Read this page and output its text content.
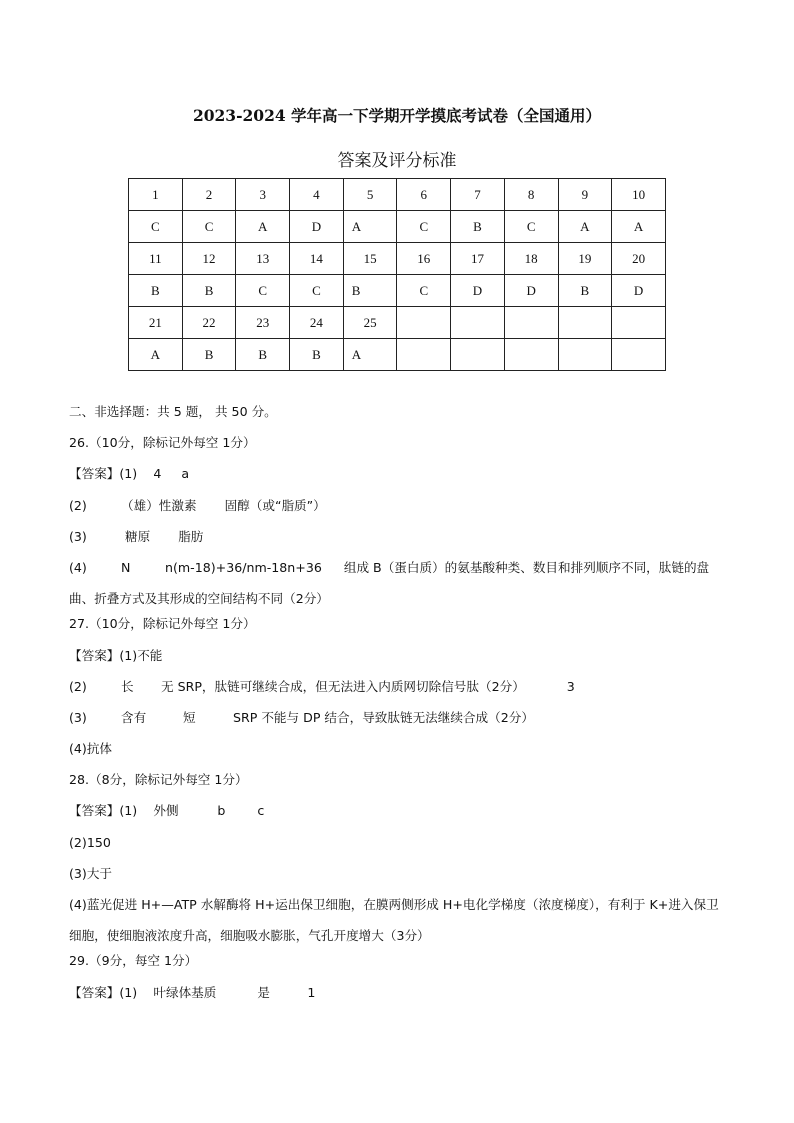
2023-2024 学年高一下学期开学摸底考试卷（全国通用）
答案及评分标准
1	2	3	4	5	6	7	8	9	10
C	C	A	D	A	C	B	C	A	A
11	12	13	14	15	16	17	18	19	20
B	B	C	C	B	C	D	D	B	D
21	22	23	24	25					
A	B	B	B	A					
二、非选择题：共 5 题， 共 50 分。
26.（10分，除标记外每空 1分）
【答案】(1) 4 a
(2)	（雄）性激素 固醇（或“脂质”）
(3)	糖原 脂肪
(4)	N	n(m-18)+36/nm-18n+36 组成 B（蛋白质）的氨基酸种类、数目和排列顺序不同，肽链的盘曲、折叠方式及其形成的空间结构不同（2分）
27.（10分，除标记外每空 1分）
【答案】(1)不能
(2)	长 无 SRP，肽链可继续合成，但无法进入内质网切除信号肽（2分）	3
(3)	含有	短	SRP 不能与 DP 结合，导致肽链无法继续合成（2分）
(4)抗体
28.（8分，除标记外每空 1分）
【答案】(1) 外侧	b	c
(2)150
(3)大于
(4)蓝光促进 H+—ATP 水解酶将 H+运出保卫细胞，在膜两侧形成 H+电化学梯度（浓度梯度），有利于 K+进入保卫细胞，使细胞液浓度升高，细胞吸水膨胀，气孔开度增大（3分）
29.（9分，每空 1分）
【答案】(1) 叶绿体基质	是	1
